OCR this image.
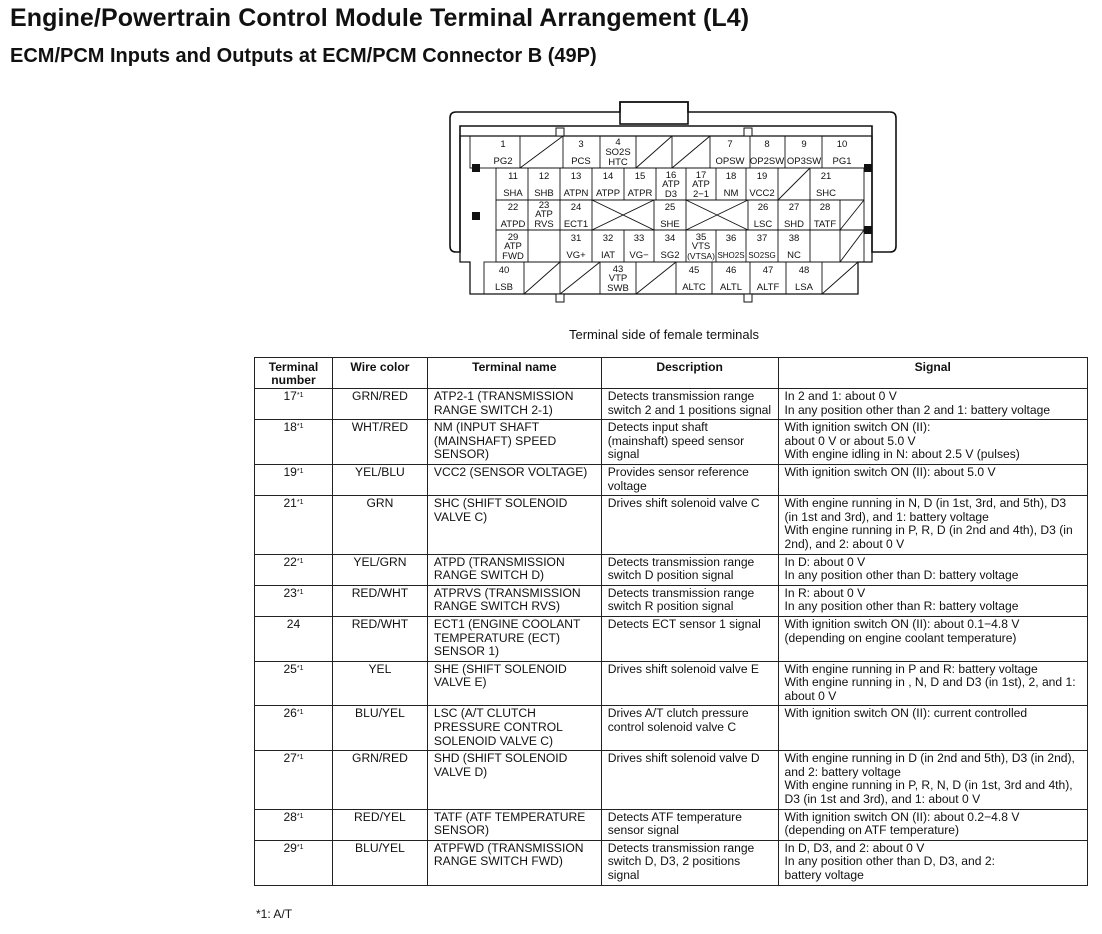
Engine/Powertrain Control Module Terminal Arrangement (L4)
ECM/PCM Inputs and Outputs at ECM/PCM Connector B (49P)
1
PG2
3
PCS
4
SO2S
HTC
7
OPSW
8
OP2SW
9
OP3SW
10
PG1
11
SHA
12
SHB
13
ATPN
14
ATPP
15
ATPR
16
ATP
D3
17
ATP
2−1
18
NM
19
VCC2
21
SHC
22
ATPD
23
ATP
RVS
24
ECT1
25
SHE
26
LSC
27
SHD
28
TATF
29
ATP
FWD
31
VG+
32
IAT
33
VG−
34
SG2
35
VTS
(VTSA)
36
SHO2S
37
SO2SG
38
NC
40
LSB
43
VTP
SWB
45
ALTC
46
ALTL
47
ALTF
48
LSA
Terminal side of female terminals
Terminal number	Wire color	Terminal name	Description	Signal
17$^{*1}$	GRN/RED	ATP2-1 (TRANSMISSION RANGE SWITCH 2-1)	Detects transmission range switch 2 and 1 positions signal	In 2 and 1: about 0 V
In any position other than 2 and 1: battery voltage

18$^{*1}$	WHT/RED	NM (INPUT SHAFT (MAINSHAFT) SPEED SENSOR)	Detects input shaft (mainshaft) speed sensor signal	With ignition switch ON (II):
about 0 V or about 5.0 V
With engine idling in N: about 2.5 V (pulses)

19$^{*1}$	YEL/BLU	VCC2 (SENSOR VOLTAGE)	Provides sensor reference voltage	With ignition switch ON (II): about 5.0 V

21$^{*1}$	GRN	SHC (SHIFT SOLENOID VALVE C)	Drives shift solenoid valve C	With engine running in N, D (in 1st, 3rd, and 5th), D3 (in 1st and 3rd), and 1: battery voltage
With engine running in P, R, D (in 2nd and 4th), D3 (in 2nd), and 2: about 0 V

22$^{*1}$	YEL/GRN	ATPD (TRANSMISSION RANGE SWITCH D)	Detects transmission range switch D position signal	In D: about 0 V
In any position other than D: battery voltage

23$^{*1}$	RED/WHT	ATPRVS (TRANSMISSION RANGE SWITCH RVS)	Detects transmission range switch R position signal	In R: about 0 V
In any position other than R: battery voltage

24	RED/WHT	ECT1 (ENGINE COOLANT TEMPERATURE (ECT) SENSOR 1)	Detects ECT sensor 1 signal	With ignition switch ON (II): about 0.1−4.8 V (depending on engine coolant temperature)

25$^{*1}$	YEL	SHE (SHIFT SOLENOID VALVE E)	Drives shift solenoid valve E	With engine running in P and R: battery voltage
With engine running in , N, D and D3 (in 1st), 2, and 1: about 0 V

26$^{*1}$	BLU/YEL	LSC (A/T CLUTCH PRESSURE CONTROL SOLENOID VALVE C)	Drives A/T clutch pressure control solenoid valve C	With ignition switch ON (II): current controlled

27$^{*1}$	GRN/RED	SHD (SHIFT SOLENOID VALVE D)	Drives shift solenoid valve D	With engine running in D (in 2nd and 5th), D3 (in 2nd), and 2: battery voltage
With engine running in P, R, N, D (in 1st, 3rd and 4th), D3 (in 1st and 3rd), and 1: about 0 V

28$^{*1}$	RED/YEL	TATF (ATF TEMPERATURE SENSOR)	Detects ATF temperature sensor signal	With ignition switch ON (II): about 0.2−4.8 V (depending on ATF temperature)

29$^{*1}$	BLU/YEL	ATPFWD (TRANSMISSION RANGE SWITCH FWD)	Detects transmission range switch D, D3, 2 positions signal	In D, D3, and 2: about 0 V
In any position other than D, D3, and 2:
battery voltage
*1: A/T
